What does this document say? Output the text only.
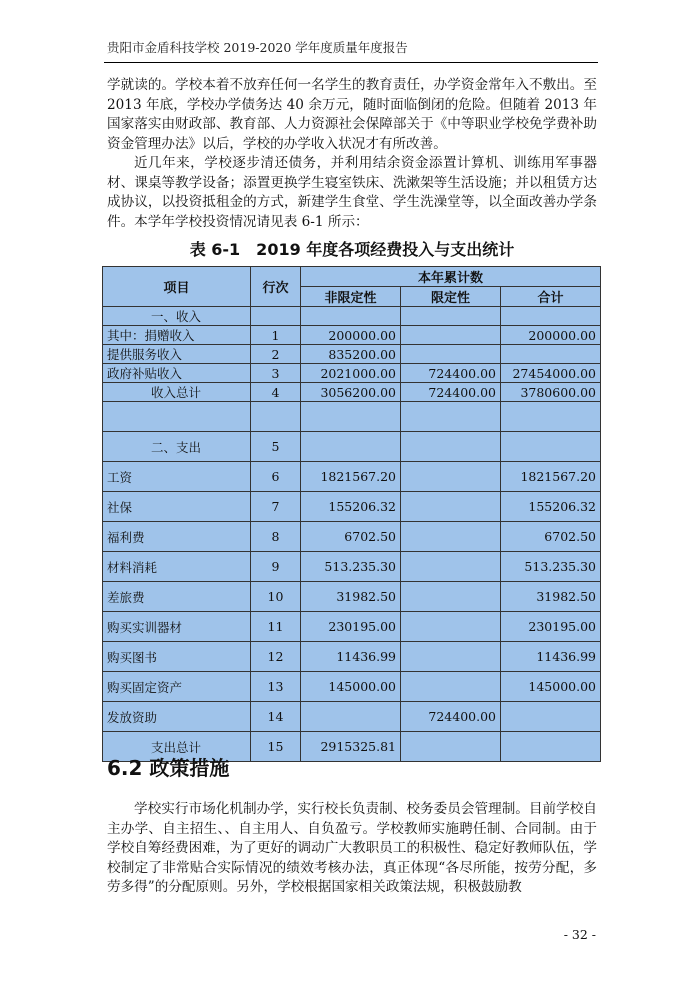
贵阳市金盾科技学校 2019-2020 学年度质量年度报告

学就读的。学校本着不放弃任何一名学生的教育责任，办学资金常年入不敷出。至 2013 年底，学校办学债务达 40 余万元，随时面临倒闭的危险。但随着 2013 年国家落实由财政部、教育部、人力资源社会保障部关于《中等职业学校免学费补助资金管理办法》以后，学校的办学收入状况才有所改善。

近几年来，学校逐步清还债务，并利用结余资金添置计算机、训练用军事器材、课桌等教学设备；添置更换学生寝室铁床、洗漱架等生活设施；并以租赁方达成协议，以投资抵租金的方式，新建学生食堂、学生洗澡堂等，以全面改善办学条件。本学年学校投资情况请见表 6-1 所示：

表 6-1　2019 年度各项经费投入与支出统计
项目	行次	本年累计数		
		非限定性	限定性	合计
一、收入				
其中：捐赠收入	1	200000.00		200000.00
提供服务收入	2	835200.00		
政府补贴收入	3	2021000.00	724400.00	27454000.00
收入总计	4	3056200.00	724400.00	3780600.00

二、支出	5			
工资	6	1821567.20		1821567.20
社保	7	155206.32		155206.32
福利费	8	6702.50		6702.50
材料消耗	9	513.235.30		513.235.30
差旅费	10	31982.50		31982.50
购买实训器材	11	230195.00		230195.00
购买图书	12	11436.99		11436.99
购买固定资产	13	145000.00		145000.00
发放资助	14		724400.00	
支出总计	15	2915325.81		
6.2 政策措施

学校实行市场化机制办学，实行校长负责制、校务委员会管理制。目前学校自主办学、自主招生、、自主用人、自负盈亏。学校教师实施聘任制、合同制。由于学校自筹经费困难，为了更好的调动广大教职员工的积极性、稳定好教师队伍，学校制定了非常贴合实际情况的绩效考核办法，真正体现“各尽所能，按劳分配，多劳多得”的分配原则。另外，学校根据国家相关政策法规，积极鼓励教

- 32 -
